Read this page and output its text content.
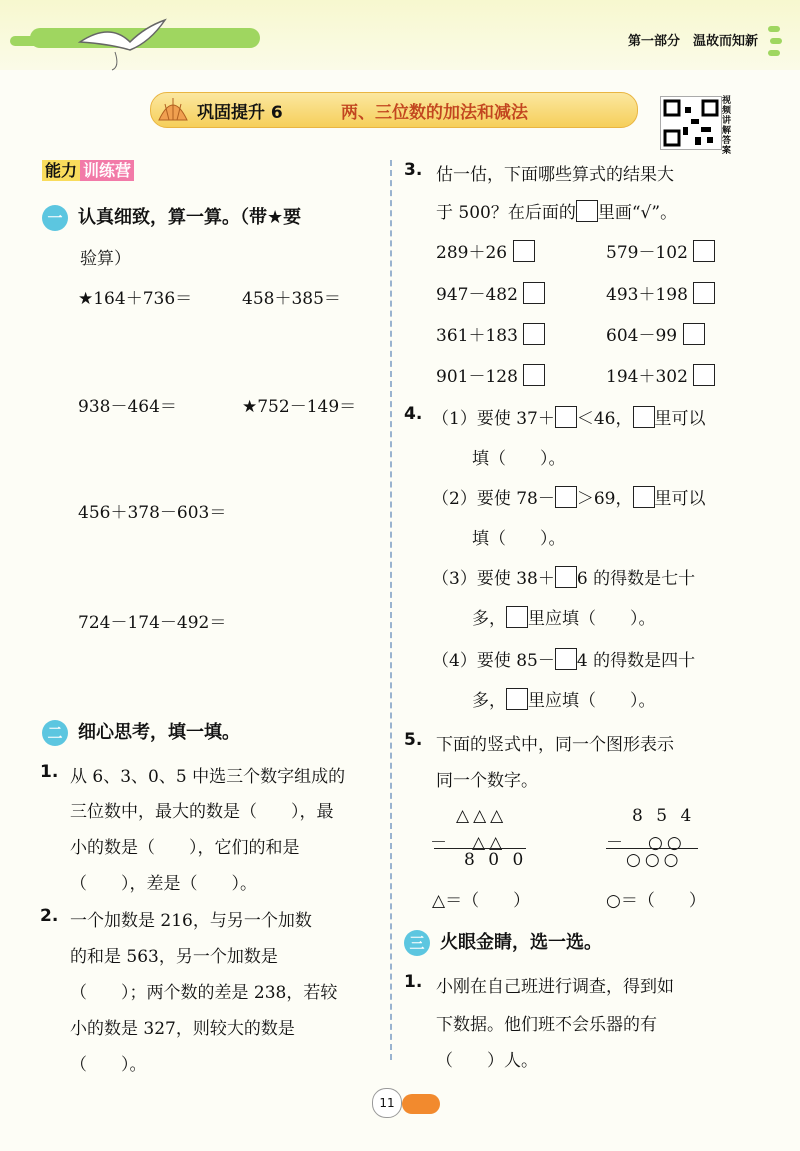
第一部分　温故而知新
巩固提升 6	两、三位数的加法和减法
视频讲解答案
能力 训练营
一 认真细致，算一算。（带★要
验算）
★164＋736＝	458＋385＝
938－464＝	★752－149＝
456＋378－603＝
724－174－492＝
二 细心思考，填一填。
1. 从 6、3、0、5 中选三个数字组成的
三位数中，最大的数是（　　），最
小的数是（　　），它们的和是
（　　），差是（　　）。
2. 一个加数是 216，与另一个加数
的和是 563，另一个加数是
（　　）；两个数的差是 238，若较
小的数是 327，则较大的数是
（　　）。
3. 估一估，下面哪些算式的结果大
于 500？在后面的 里画“√”。
289＋26	579－102
947－482	493＋198
361＋183	604－99
901－128	194＋302
4. （1）要使 37＋ ＜46， 里可以
填（　　）。
（2）要使 78－ ＞69， 里可以
填（　　）。
（3）要使 38＋ 6 的得数是七十
多， 里应填（　　）。
（4）要使 85－ 4 的得数是四十
多， 里应填（　　）。
5. 下面的竖式中，同一个图形表示
同一个数字。
△△△
－　△△
8 0 0
8 5 4
－　○○
○○○
△＝（　　）	○＝（　　）
三 火眼金睛，选一选。
1. 小刚在自己班进行调查，得到如
下数据。他们班不会乐器的有
（　　）人。
11
